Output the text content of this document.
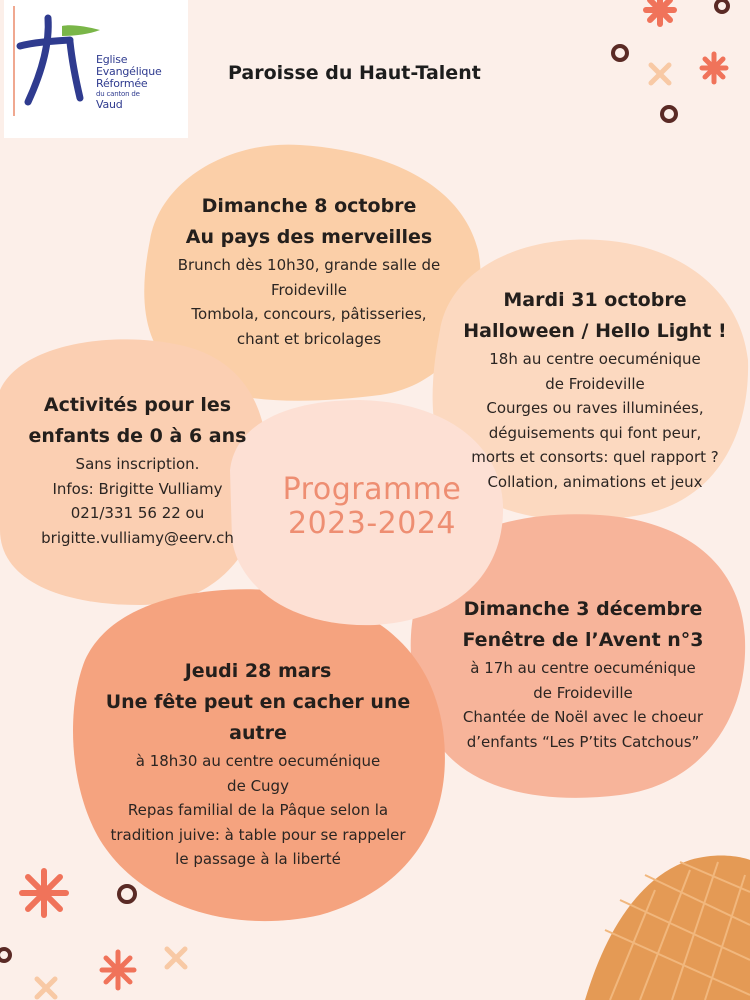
Eglise
Evangélique
Réformée
du canton de
Vaud
Paroisse du Haut-Talent
Dimanche 8 octobre
Au pays des merveilles
Brunch dès 10h30, grande salle de
Froideville
Tombola, concours, pâtisseries,
chant et bricolages
Mardi 31 octobre
Halloween / Hello Light !
18h au centre oecuménique
de Froideville
Courges ou raves illuminées,
déguisements qui font peur,
morts et consorts: quel rapport ?
Collation, animations et jeux
Activités pour les
enfants de 0 à 6 ans
Sans inscription.
Infos: Brigitte Vulliamy
021/331 56 22 ou
brigitte.vulliamy@eerv.ch
Programme
2023-2024
Dimanche 3 décembre
Fenêtre de l’Avent n°3
à 17h au centre oecuménique
de Froideville
Chantée de Noël avec le choeur
d’enfants “Les P’tits Catchous”
Jeudi 28 mars
Une fête peut en cacher une
autre
à 18h30 au centre oecuménique
de Cugy
Repas familial de la Pâque selon la
tradition juive: à table pour se rappeler
le passage à la liberté
